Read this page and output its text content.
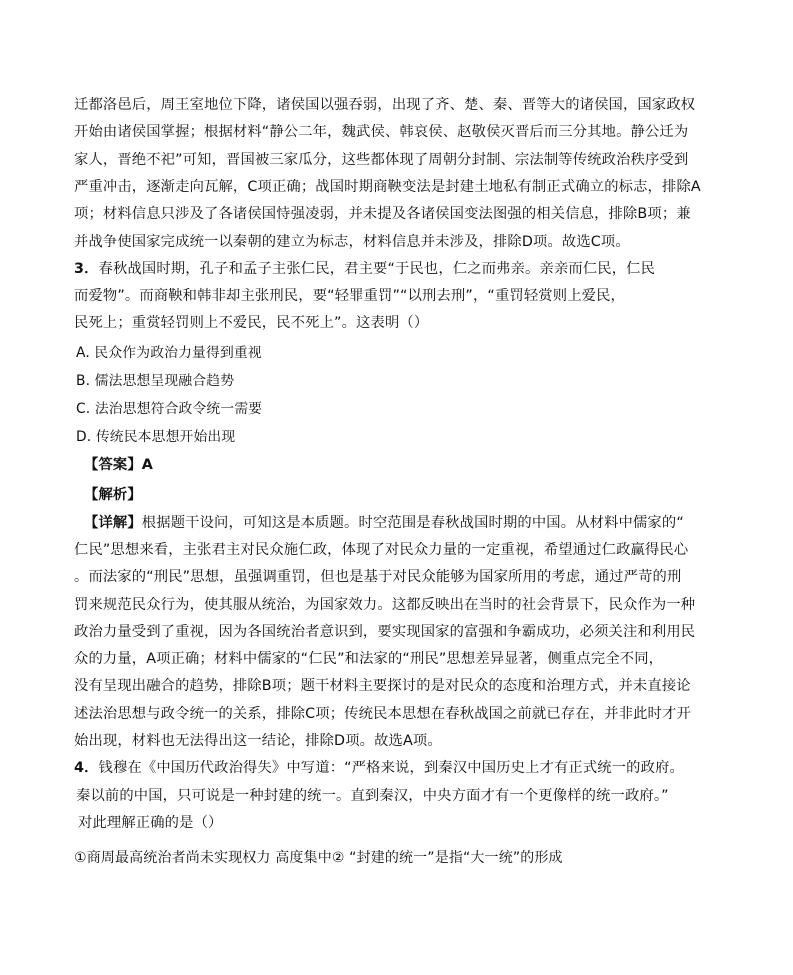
迁都洛邑后，周王室地位下降，诸侯国以强吞弱，出现了齐、楚、秦、晋等大的诸侯国，国家政权
开始由诸侯国掌握；根据材料“静公二年，魏武侯、韩哀侯、赵敬侯灭晋后而三分其地。静公迁为
家人，晋绝不祀”可知，晋国被三家瓜分，这些都体现了周朝分封制、宗法制等传统政治秩序受到
严重冲击，逐渐走向瓦解，C项正确；战国时期商鞅变法是封建土地私有制正式确立的标志，排除A
项；材料信息只涉及了各诸侯国恃强凌弱，并未提及各诸侯国变法图强的相关信息，排除B项；兼
并战争使国家完成统一以秦朝的建立为标志，材料信息并未涉及，排除D项。故选C项。
3．春秋战国时期，孔子和孟子主张仁民，君主要“于民也，仁之而弗亲。亲亲而仁民，仁民
而爱物”。而商鞅和韩非却主张刑民，要“轻罪重罚”“以刑去刑”，“重罚轻赏则上爱民，
民死上；重赏轻罚则上不爱民，民不死上”。这表明（）
A. 民众作为政治力量得到重视
B. 儒法思想呈现融合趋势
C. 法治思想符合政令统一需要
D. 传统民本思想开始出现
【答案】A
【解析】
【详解】根据题干设问，可知这是本质题。时空范围是春秋战国时期的中国。从材料中儒家的“
仁民”思想来看，主张君主对民众施仁政，体现了对民众力量的一定重视，希望通过仁政赢得民心
。而法家的“刑民”思想，虽强调重罚，但也是基于对民众能够为国家所用的考虑，通过严苛的刑
罚来规范民众行为，使其服从统治，为国家效力。这都反映出在当时的社会背景下，民众作为一种
政治力量受到了重视，因为各国统治者意识到，要实现国家的富强和争霸成功，必须关注和利用民
众的力量，A项正确；材料中儒家的“仁民”和法家的“刑民”思想差异显著，侧重点完全不同，
没有呈现出融合的趋势，排除B项；题干材料主要探讨的是对民众的态度和治理方式，并未直接论
述法治思想与政令统一的关系，排除C项；传统民本思想在春秋战国之前就已存在，并非此时才开
始出现，材料也无法得出这一结论，排除D项。故选A项。
4．钱穆在《中国历代政治得失》中写道：“严格来说，到秦汉中国历史上才有正式统一的政府。
秦以前的中国，只可说是一种封建的统一。直到秦汉，中央方面才有一个更像样的统一政府。”
对此理解正确的是（）
①商周最高统治者尚未实现权力 高度集中② “封建的统一”是指“大一统”的形成
